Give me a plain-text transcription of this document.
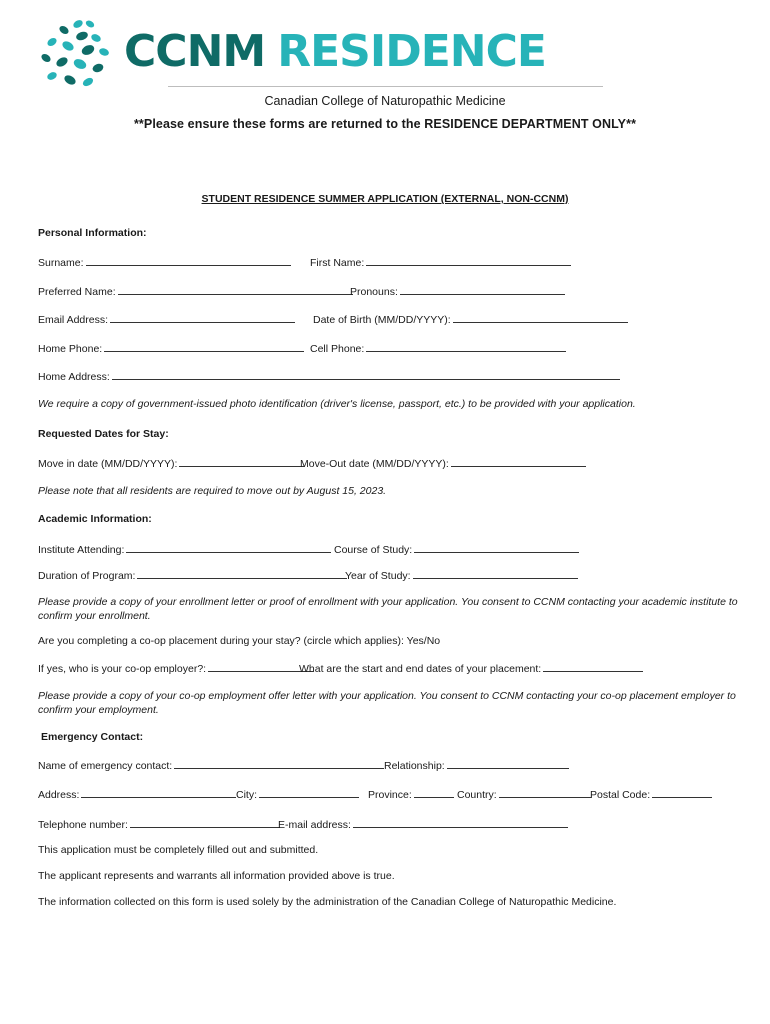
CCNM RESIDENCE
Canadian College of Naturopathic Medicine
**Please ensure these forms are returned to the RESIDENCE DEPARTMENT ONLY**
STUDENT RESIDENCE SUMMER APPLICATION (EXTERNAL, NON-CCNM)
Personal Information:
Surname:	First Name:
Preferred Name:	Pronouns:
Email Address:	Date of Birth (MM/DD/YYYY):
Home Phone:	Cell Phone:
Home Address:
We require a copy of government-issued photo identification (driver's license, passport, etc.) to be provided with your application.
Requested Dates for Stay:
Move in date (MM/DD/YYYY):	Move-Out date (MM/DD/YYYY):
Please note that all residents are required to move out by August 15, 2023.
Academic Information:
Institute Attending:	Course of Study:
Duration of Program:	Year of Study:
Please provide a copy of your enrollment letter or proof of enrollment with your application. You consent to CCNM contacting your academic institute to confirm your enrollment.
Are you completing a co-op placement during your stay? (circle which applies): Yes/No
If yes, who is your co-op employer?:	What are the start and end dates of your placement:
Please provide a copy of your co-op employment offer letter with your application. You consent to CCNM contacting your co-op placement employer to confirm your employment.
Emergency Contact:
Name of emergency contact:	Relationship:
Address:	City:	Province:	Country:	Postal Code:
Telephone number:	E-mail address:
This application must be completely filled out and submitted.
The applicant represents and warrants all information provided above is true.
The information collected on this form is used solely by the administration of the Canadian College of Naturopathic Medicine.
